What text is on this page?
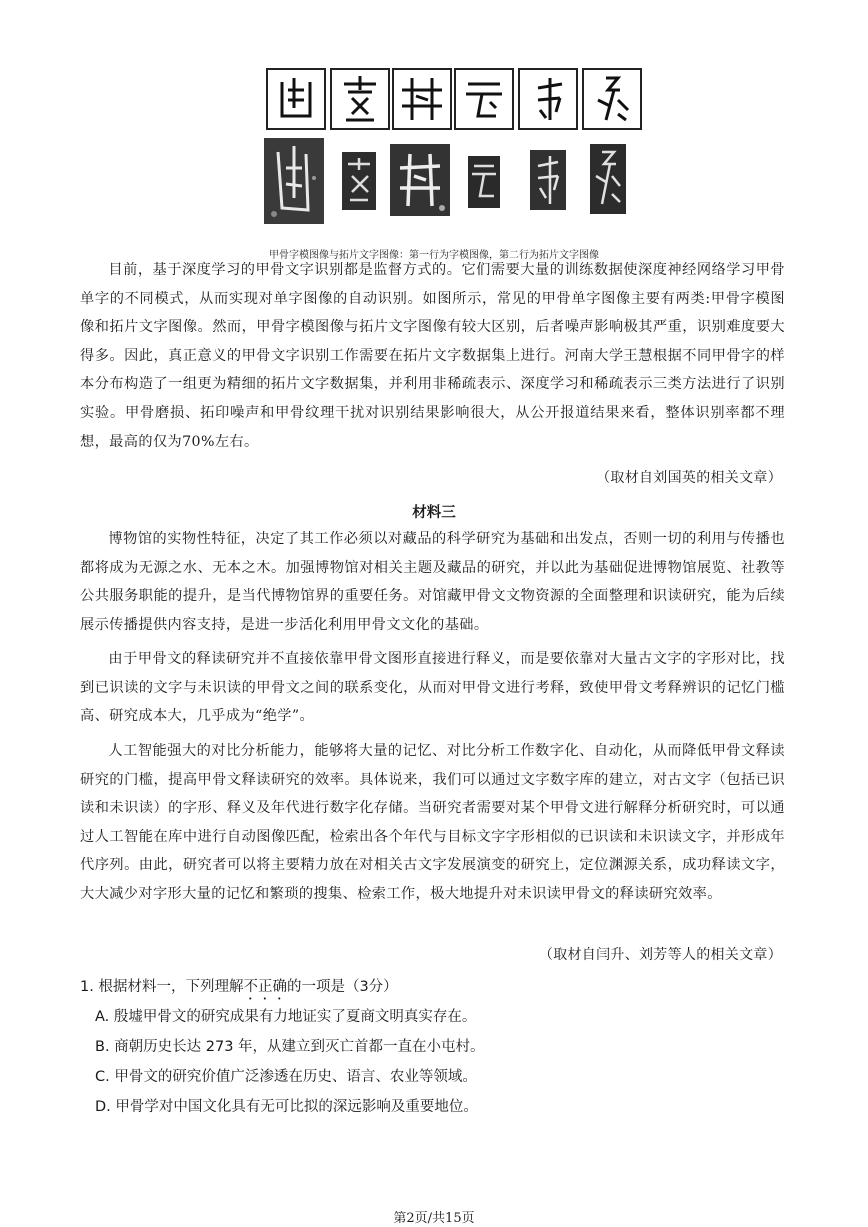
甲骨字模图像与拓片文字图像：第一行为字模图像，第二行为拓片文字图像

目前，基于深度学习的甲骨文字识别都是监督方式的。它们需要大量的训练数据使深度神经网络学习甲骨单字的不同模式，从而实现对单字图像的自动识别。如图所示，常见的甲骨单字图像主要有两类:甲骨字模图像和拓片文字图像。然而，甲骨字模图像与拓片文字图像有较大区别，后者噪声影响极其严重，识别难度要大得多。因此，真正意义的甲骨文字识别工作需要在拓片文字数据集上进行。河南大学王慧根据不同甲骨字的样本分布构造了一组更为精细的拓片文字数据集，并利用非稀疏表示、深度学习和稀疏表示三类方法进行了识别实验。甲骨磨损、拓印噪声和甲骨纹理干扰对识别结果影响很大，从公开报道结果来看，整体识别率都不理想，最高的仅为70%左右。

（取材自刘国英的相关文章）

材料三

博物馆的实物性特征，决定了其工作必须以对藏品的科学研究为基础和出发点，否则一切的利用与传播也都将成为无源之水、无本之木。加强博物馆对相关主题及藏品的研究，并以此为基础促进博物馆展览、社教等公共服务职能的提升，是当代博物馆界的重要任务。对馆藏甲骨文文物资源的全面整理和识读研究，能为后续展示传播提供内容支持，是进一步活化利用甲骨文文化的基础。

由于甲骨文的释读研究并不直接依靠甲骨文图形直接进行释义，而是要依靠对大量古文字的字形对比，找到已识读的文字与未识读的甲骨文之间的联系变化，从而对甲骨文进行考释，致使甲骨文考释辨识的记忆门槛高、研究成本大，几乎成为“绝学”。

人工智能强大的对比分析能力，能够将大量的记忆、对比分析工作数字化、自动化，从而降低甲骨文释读研究的门槛，提高甲骨文释读研究的效率。具体说来，我们可以通过文字数字库的建立，对古文字（包括已识读和未识读）的字形、释义及年代进行数字化存储。当研究者需要对某个甲骨文进行解释分析研究时，可以通过人工智能在库中进行自动图像匹配，检索出各个年代与目标文字字形相似的已识读和未识读文字，并形成年代序列。由此，研究者可以将主要精力放在对相关古文字发展演变的研究上，定位渊源关系，成功释读文字，大大减少对字形大量的记忆和繁琐的搜集、检索工作，极大地提升对未识读甲骨文的释读研究效率。

（取材自闫升、刘芳等人的相关文章）

1. 根据材料一，下列理解不正确的一项是（3分）

A. 殷墟甲骨文的研究成果有力地证实了夏商文明真实存在。

B. 商朝历史长达 273 年，从建立到灭亡首都一直在小屯村。

C. 甲骨文的研究价值广泛渗透在历史、语言、农业等领域。

D. 甲骨学对中国文化具有无可比拟的深远影响及重要地位。

第2页/共15页
